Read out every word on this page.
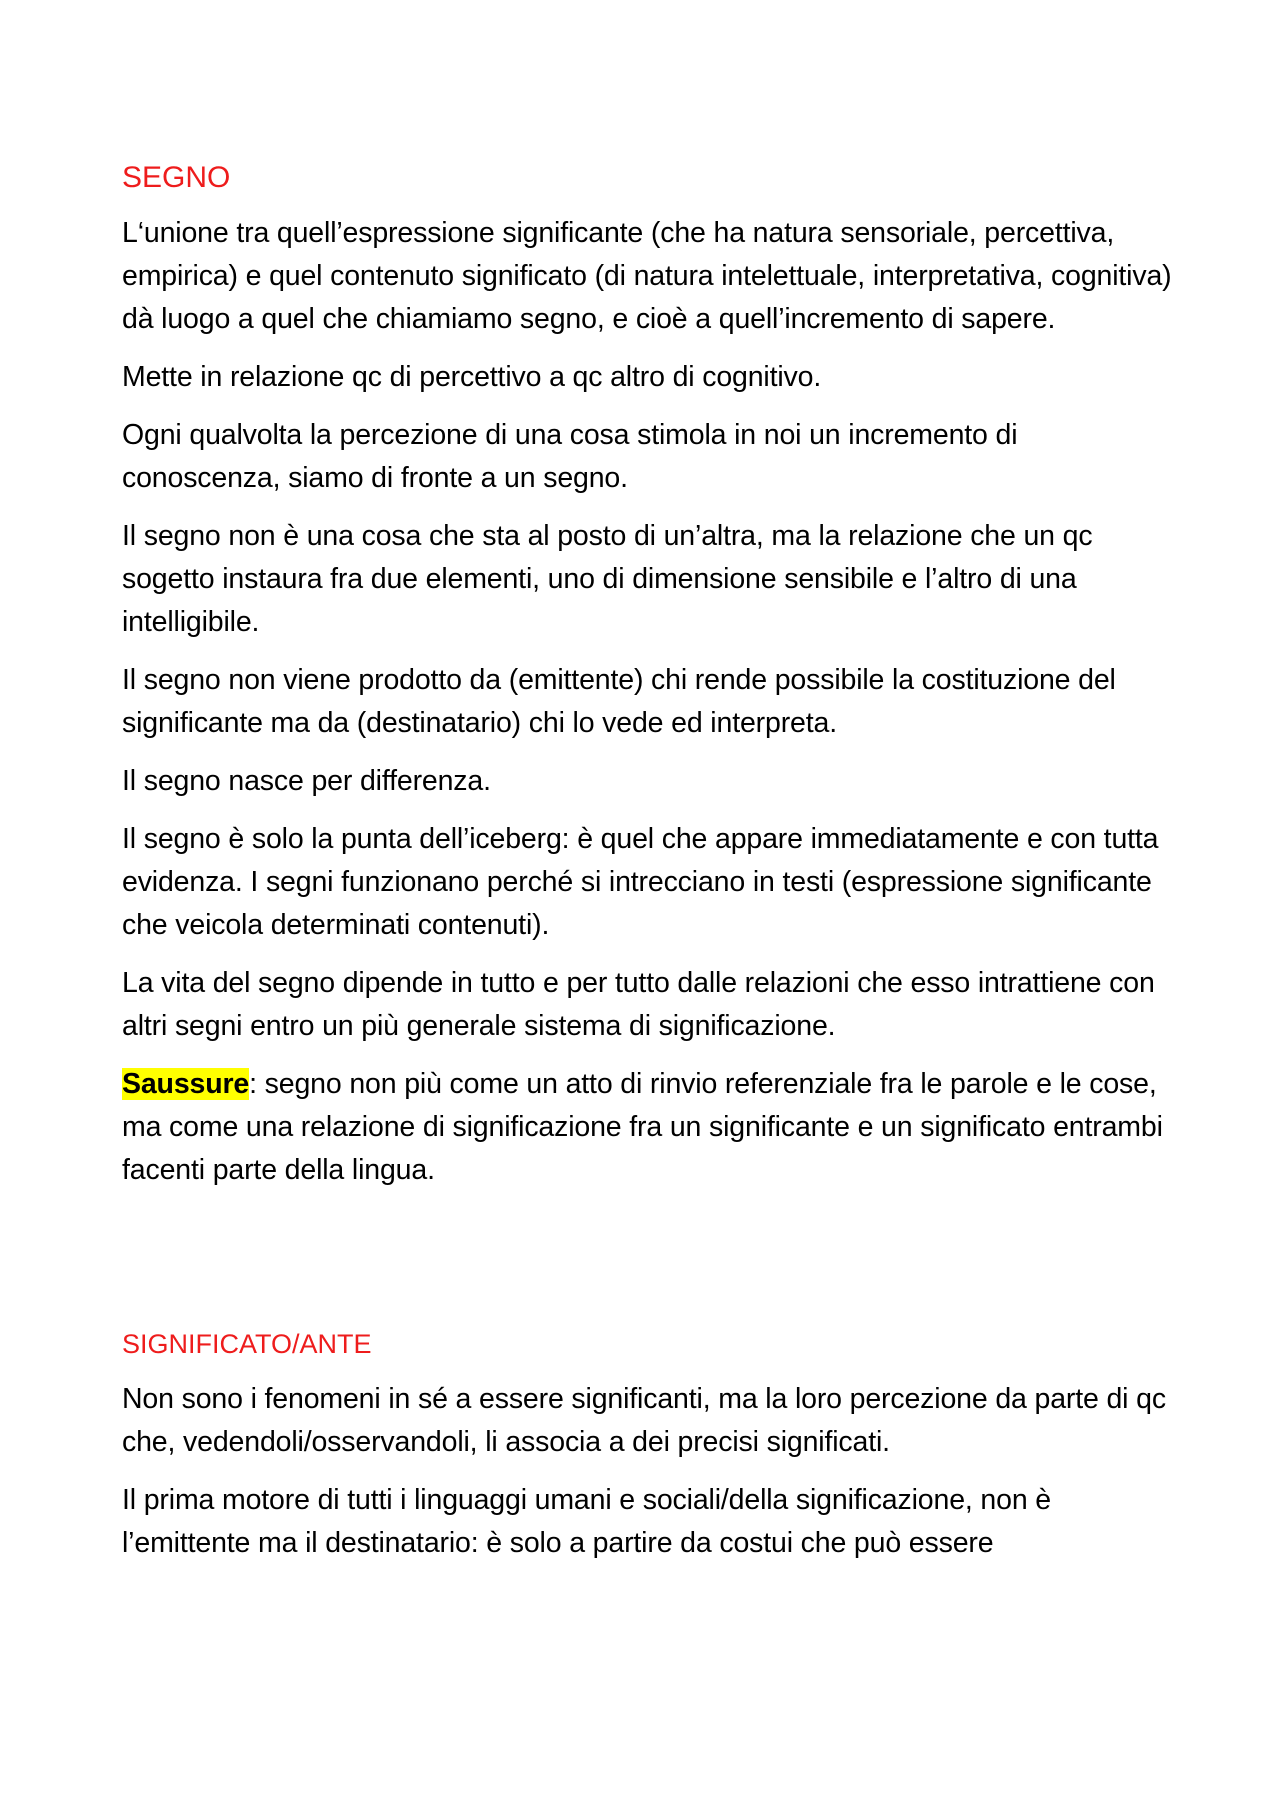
SEGNO

L‘unione tra quell’espressione significante (che ha natura sensoriale, percettiva, empirica) e quel contenuto significato (di natura intelettuale, interpretativa, cognitiva) dà luogo a quel che chiamiamo segno, e cioè a quell’incremento di sapere.

Mette in relazione qc di percettivo a qc altro di cognitivo.

Ogni qualvolta la percezione di una cosa stimola in noi un incremento di conoscenza, siamo di fronte a un segno.

Il segno non è una cosa che sta al posto di un’altra, ma la relazione che un qc sogetto instaura fra due elementi, uno di dimensione sensibile e l’altro di una intelligibile.

Il segno non viene prodotto da (emittente) chi rende possibile la costituzione del significante ma da (destinatario) chi lo vede ed interpreta.

Il segno nasce per differenza.

Il segno è solo la punta dell’iceberg: è quel che appare immediatamente e con tutta evidenza. I segni funzionano perché si intrecciano in testi (espressione significante che veicola determinati contenuti).

La vita del segno dipende in tutto e per tutto dalle relazioni che esso intrattiene con altri segni entro un più generale sistema di significazione.

Saussure: segno non più come un atto di rinvio referenziale fra le parole e le cose, ma come una relazione di significazione fra un significante e un significato entrambi facenti parte della lingua.

SIGNIFICATO/ANTE

Non sono i fenomeni in sé a essere significanti, ma la loro percezione da parte di qc che, vedendoli/osservandoli, li associa a dei precisi significati.

Il prima motore di tutti i linguaggi umani e sociali/della significazione, non è l’emittente ma il destinatario: è solo a partire da costui che può essere
